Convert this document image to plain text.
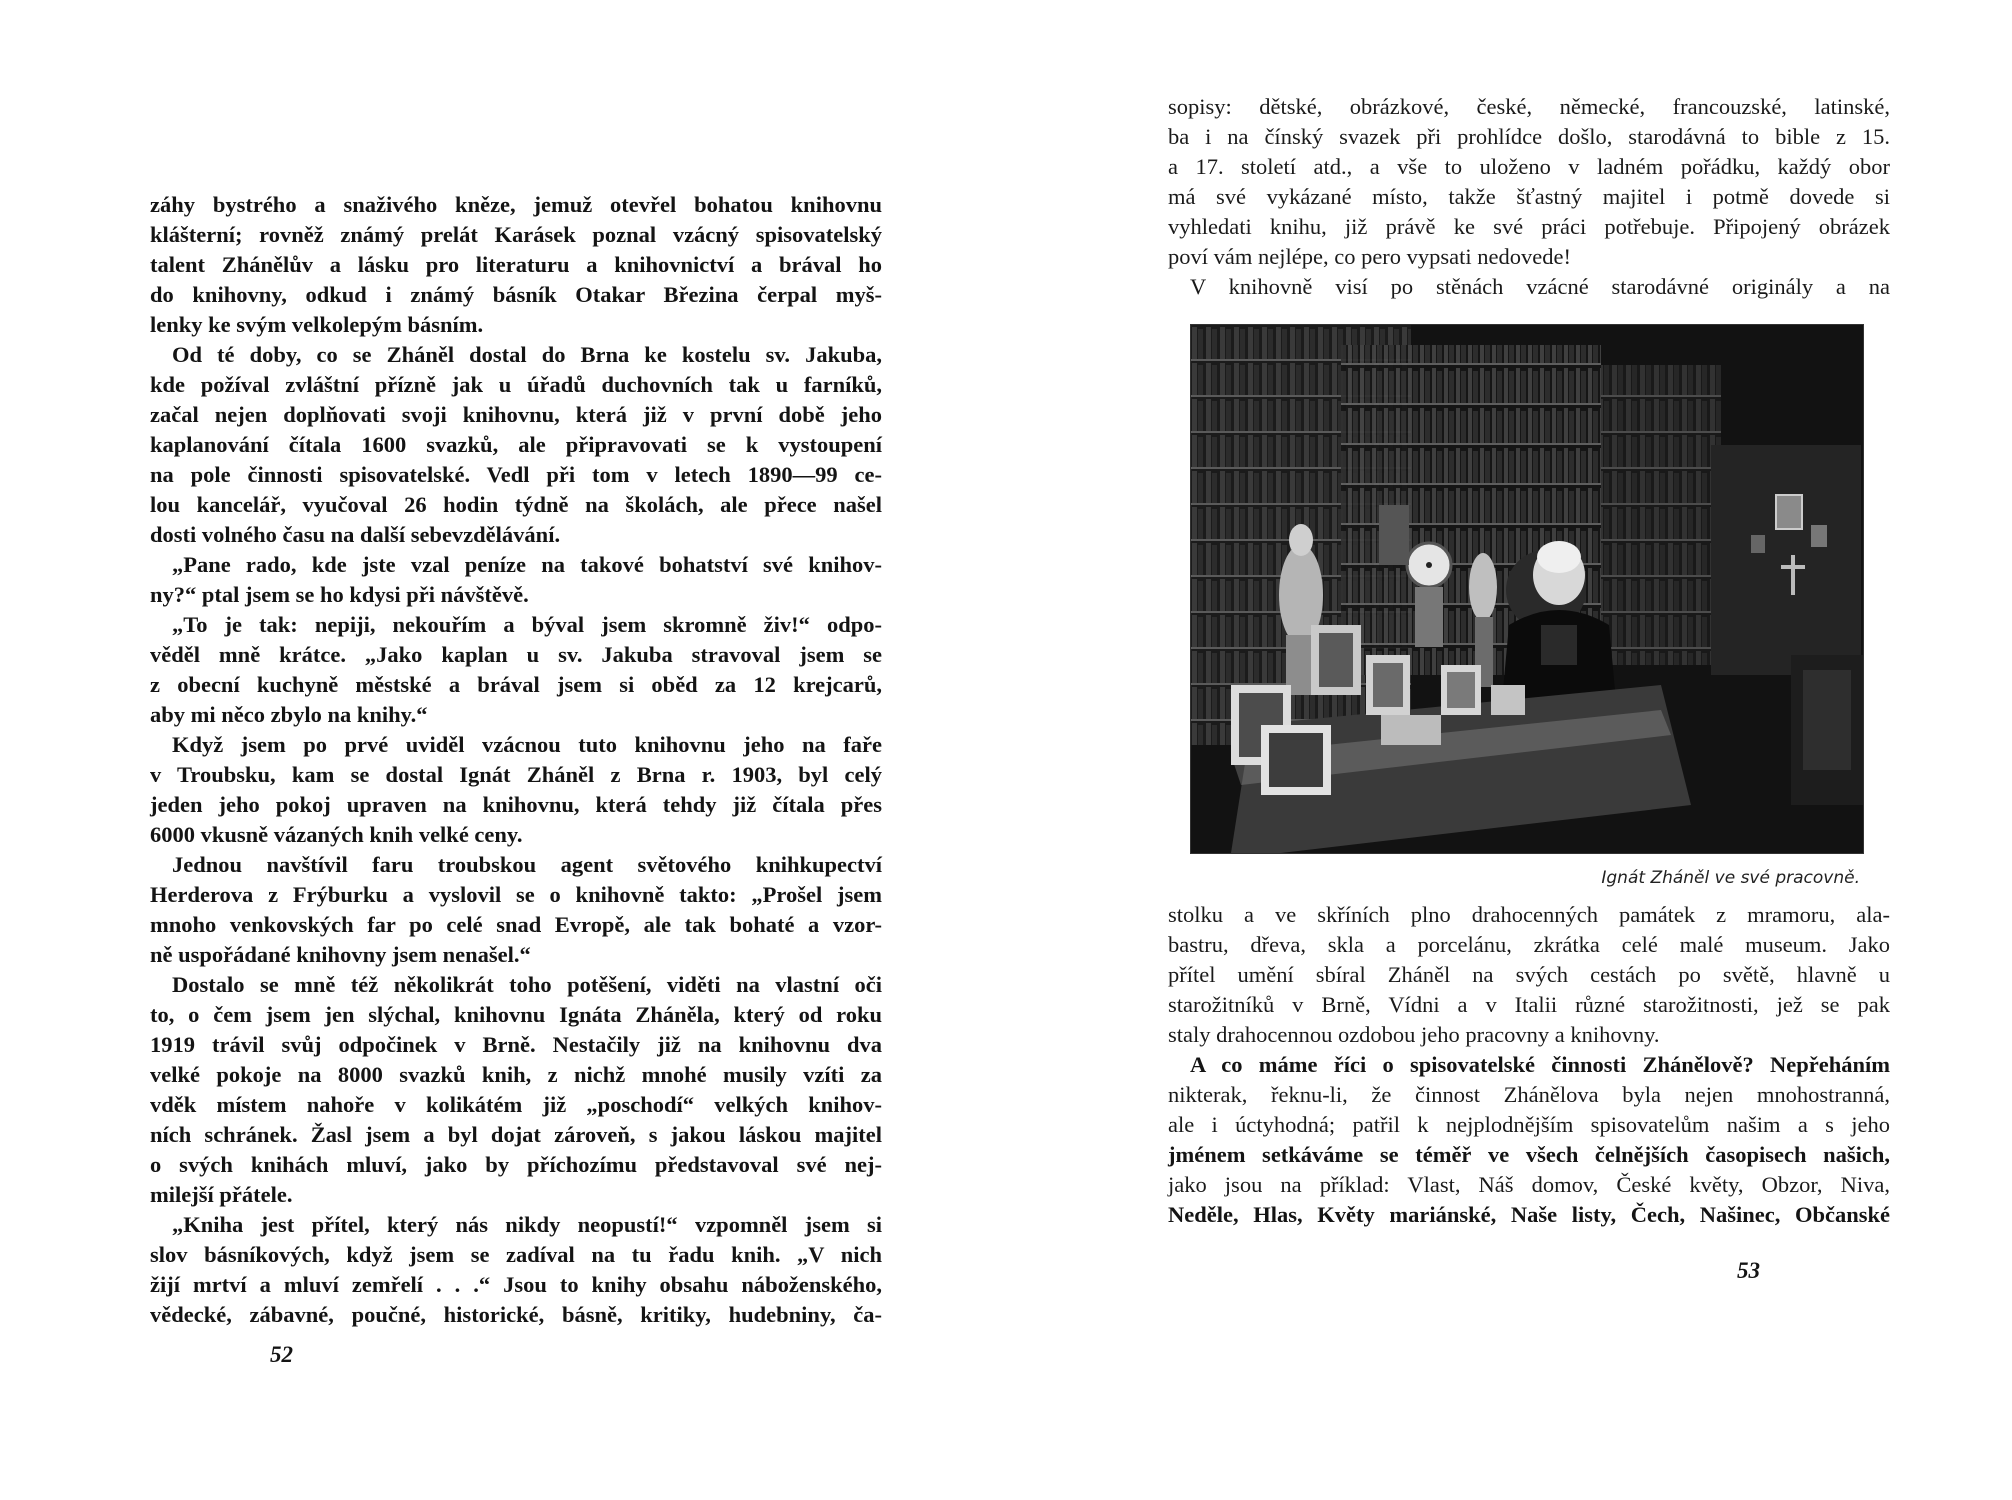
záhy bystrého a snaživého kněze, jemuž otevřel bohatou knihovnu
klášterní; rovněž známý prelát Karásek poznal vzácný spisovatelský
talent Zhánělův a lásku pro literaturu a knihovnictví a brával ho
do knihovny, odkud i známý básník Otakar Březina čerpal myš-
lenky ke svým velkolepým básním.
Od té doby, co se Zháněl dostal do Brna ke kostelu sv. Jakuba,
kde požíval zvláštní přízně jak u úřadů duchovních tak u farníků,
začal nejen doplňovati svoji knihovnu, která již v první době jeho
kaplanování čítala 1600 svazků, ale připravovati se k vystoupení
na pole činnosti spisovatelské. Vedl při tom v letech 1890—99 ce-
lou kancelář, vyučoval 26 hodin týdně na školách, ale přece našel
dosti volného času na další sebevzdělávání.
„Pane rado, kde jste vzal peníze na takové bohatství své knihov-
ny?“ ptal jsem se ho kdysi při návštěvě.
„To je tak: nepiji, nekouřím a býval jsem skromně živ!“ odpo-
věděl mně krátce. „Jako kaplan u sv. Jakuba stravoval jsem se
z obecní kuchyně městské a brával jsem si oběd za 12 krejcarů,
aby mi něco zbylo na knihy.“
Když jsem po prvé uviděl vzácnou tuto knihovnu jeho na faře
v Troubsku, kam se dostal Ignát Zháněl z Brna r. 1903, byl celý
jeden jeho pokoj upraven na knihovnu, která tehdy již čítala přes
6000 vkusně vázaných knih velké ceny.
Jednou navštívil faru troubskou agent světového knihkupectví
Herderova z Frýburku a vyslovil se o knihovně takto: „Prošel jsem
mnoho venkovských far po celé snad Evropě, ale tak bohaté a vzor-
ně uspořádané knihovny jsem nenašel.“
Dostalo se mně též několikrát toho potěšení, viděti na vlastní oči
to, o čem jsem jen slýchal, knihovnu Ignáta Zháněla, který od roku
1919 trávil svůj odpočinek v Brně. Nestačily již na knihovnu dva
velké pokoje na 8000 svazků knih, z nichž mnohé musily vzíti za
vděk místem nahoře v kolikátém již „poschodí“ velkých knihov-
ních schránek. Žasl jsem a byl dojat zároveň, s jakou láskou majitel
o svých knihách mluví, jako by příchozímu představoval své nej-
milejší přátele.
„Kniha jest přítel, který nás nikdy neopustí!“ vzpomněl jsem si
slov básníkových, když jsem se zadíval na tu řadu knih. „V nich
žijí mrtví a mluví zemřelí . . .“ Jsou to knihy obsahu náboženského,
vědecké, zábavné, poučné, historické, básně, kritiky, hudebniny, ča-
52
sopisy: dětské, obrázkové, české, německé, francouzské, latinské,
ba i na čínský svazek při prohlídce došlo, starodávná to bible z 15.
a 17. století atd., a vše to uloženo v ladném pořádku, každý obor
má své vykázané místo, takže šťastný majitel i potmě dovede si
vyhledati knihu, již právě ke své práci potřebuje. Připojený obrázek
poví vám nejlépe, co pero vypsati nedovede!
V knihovně visí po stěnách vzácné starodávné originály a na
Ignát Zháněl ve své pracovně.
stolku a ve skříních plno drahocenných památek z mramoru, ala-
bastru, dřeva, skla a porcelánu, zkrátka celé malé museum. Jako
přítel umění sbíral Zháněl na svých cestách po světě, hlavně u
starožitníků v Brně, Vídni a v Italii různé starožitnosti, jež se pak
staly drahocennou ozdobou jeho pracovny a knihovny.
A co máme říci o spisovatelské činnosti Zhánělově? Nepřeháním
nikterak, řeknu-li, že činnost Zhánělova byla nejen mnohostranná,
ale i úctyhodná; patřil k nejplodnějším spisovatelům našim a s jeho
jménem setkáváme se téměř ve všech čelnějších časopisech našich,
jako jsou na příklad: Vlast, Náš domov, České květy, Obzor, Niva,
Neděle, Hlas, Květy mariánské, Naše listy, Čech, Našinec, Občanské
53
